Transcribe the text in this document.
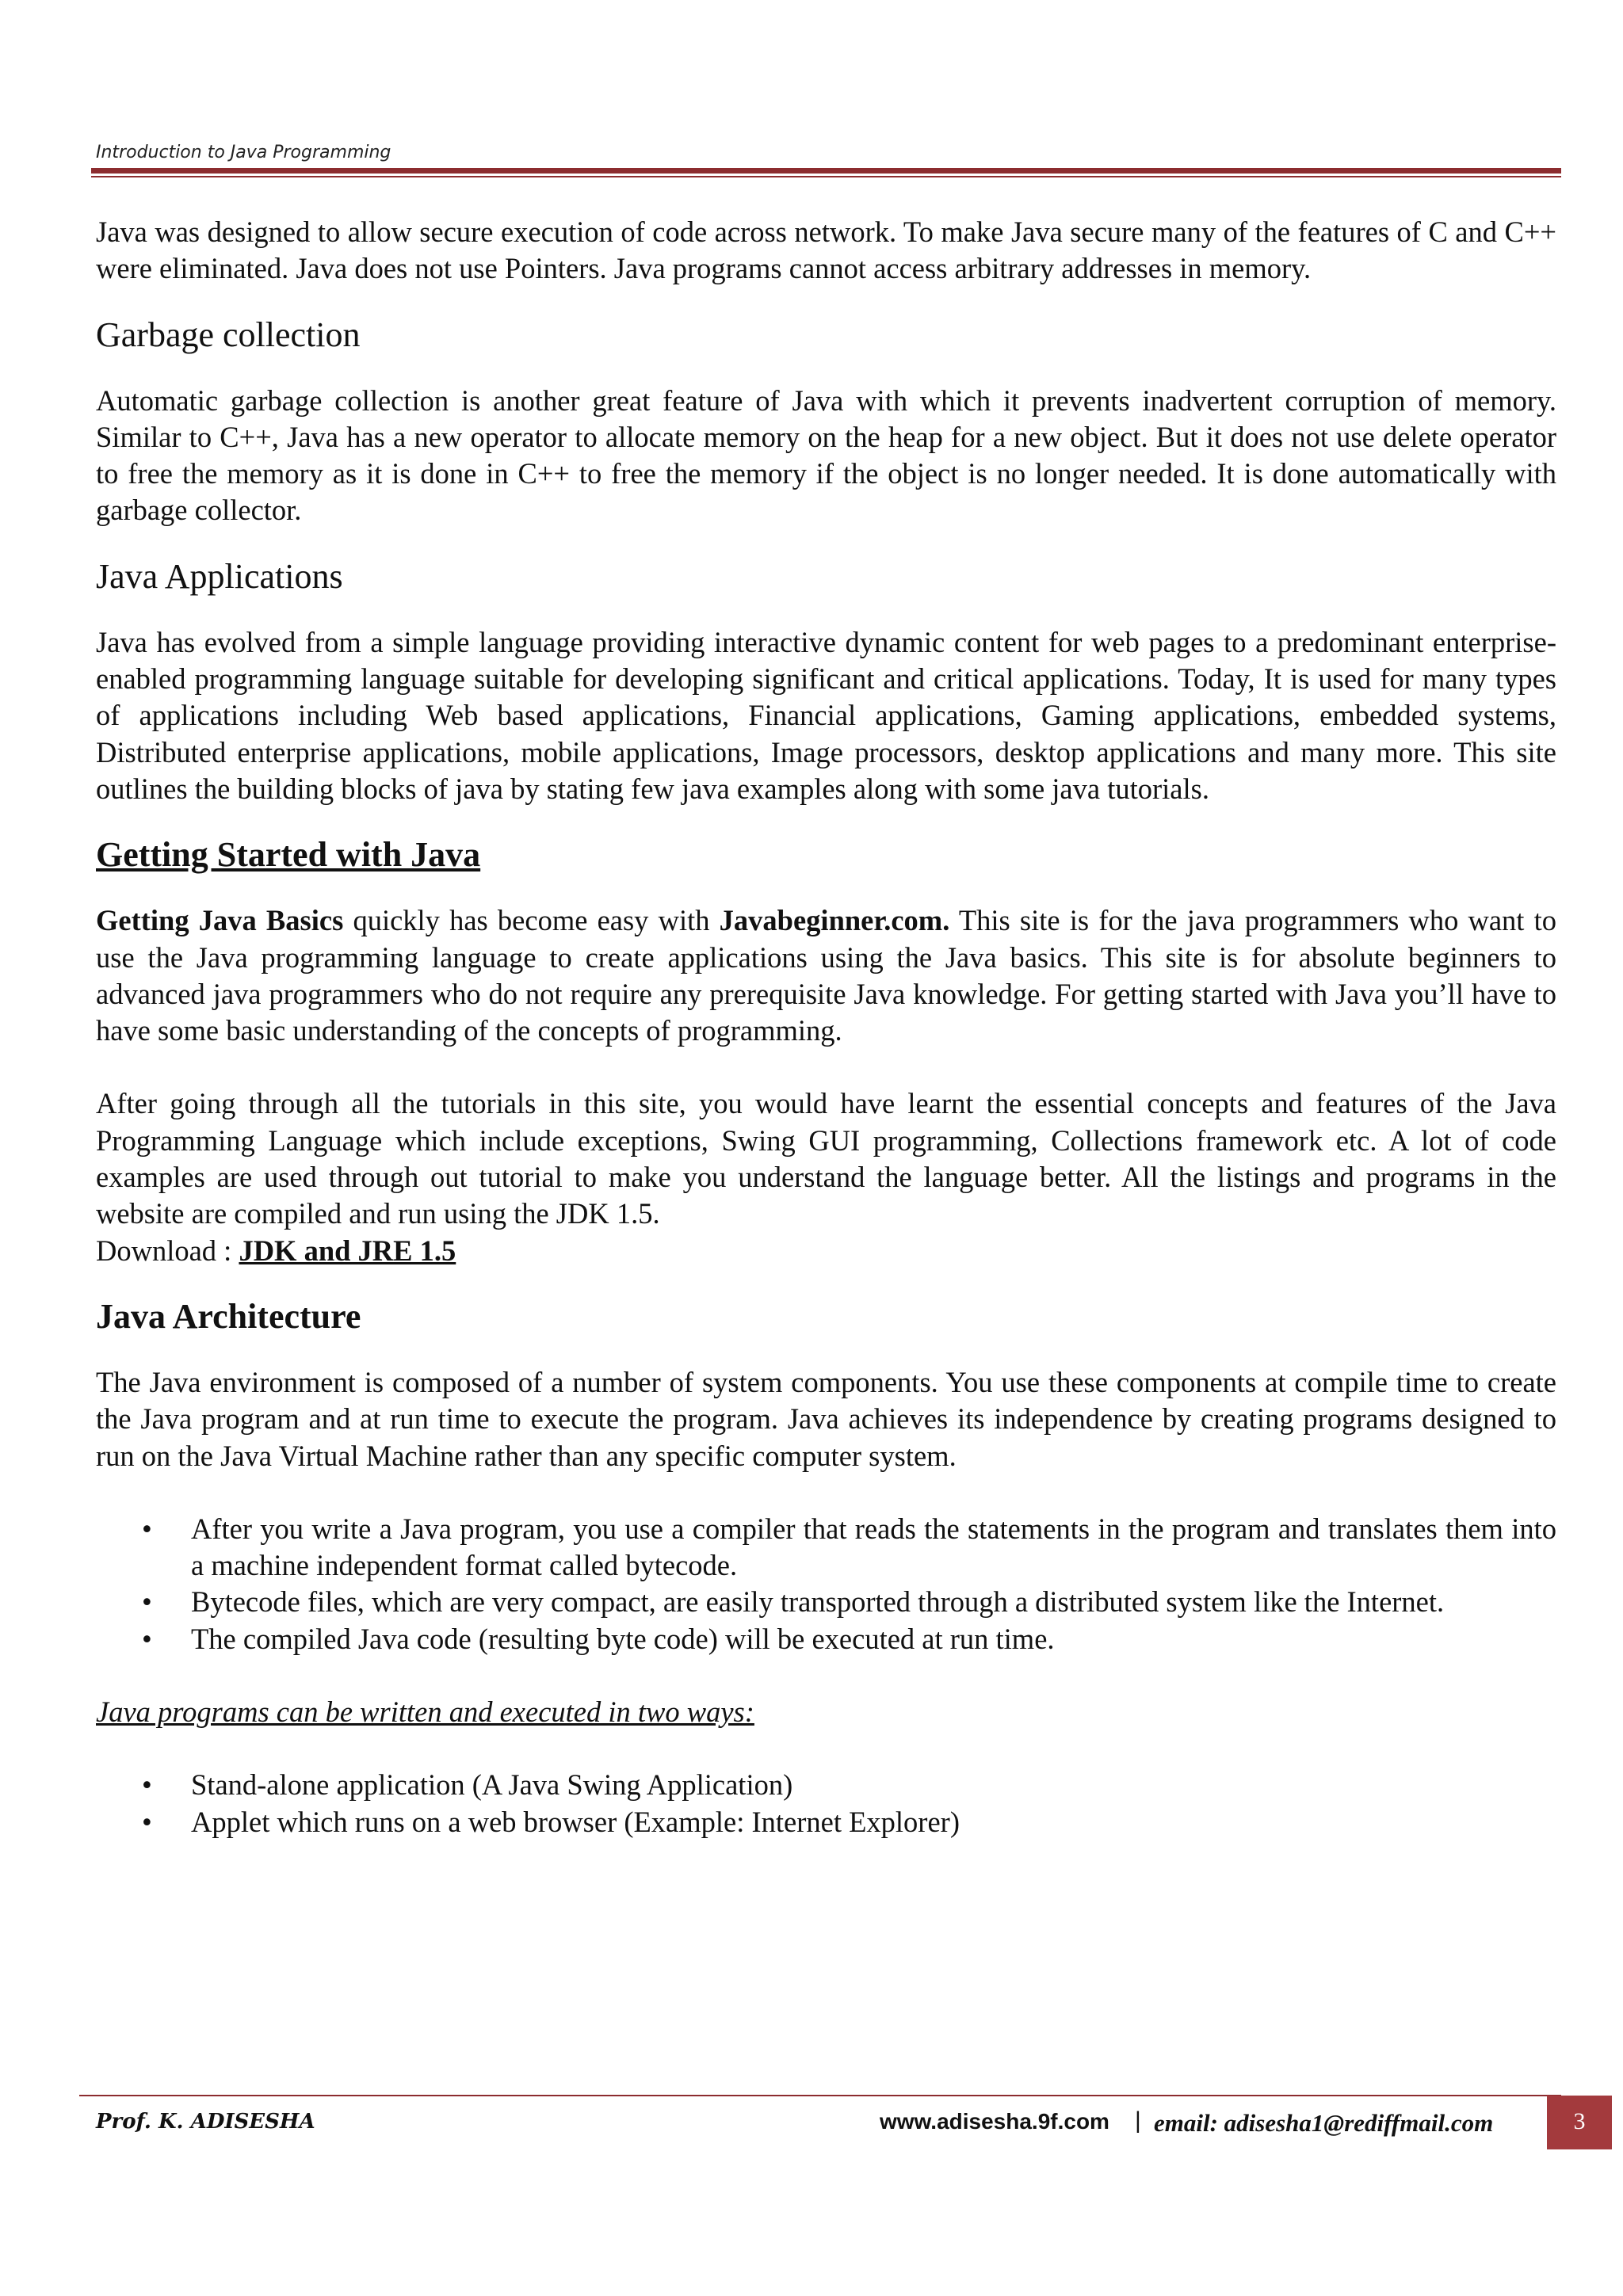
Introduction to Java Programming

Java was designed to allow secure execution of code across network. To make Java secure many of the features of C and C++ were eliminated. Java does not use Pointers. Java programs cannot access arbitrary addresses in memory.

Garbage collection

Automatic garbage collection is another great feature of Java with which it prevents inadvertent corruption of memory. Similar to C++, Java has a new operator to allocate memory on the heap for a new object. But it does not use delete operator to free the memory as it is done in C++ to free the memory if the object is no longer needed. It is done automatically with garbage collector.

Java Applications

Java has evolved from a simple language providing interactive dynamic content for web pages to a predominant enterprise-enabled programming language suitable for developing significant and critical applications. Today, It is used for many types of applications including Web based applications, Financial applications, Gaming applications, embedded systems, Distributed enterprise applications, mobile applications, Image processors, desktop applications and many more. This site outlines the building blocks of java by stating few java examples along with some java tutorials.

Getting Started with Java

Getting Java Basics quickly has become easy with Javabeginner.com. This site is for the java programmers who want to use the Java programming language to create applications using the Java basics. This site is for absolute beginners to advanced java programmers who do not require any prerequisite Java knowledge. For getting started with Java you’ll have to have some basic understanding of the concepts of programming.

After going through all the tutorials in this site, you would have learnt the essential concepts and features of the Java Programming Language which include exceptions, Swing GUI programming, Collections framework etc. A lot of code examples are used through out tutorial to make you understand the language better. All the listings and programs in the website are compiled and run using the JDK 1.5.
Download : JDK and JRE 1.5

Java Architecture

The Java environment is composed of a number of system components. You use these components at compile time to create the Java program and at run time to execute the program. Java achieves its independence by creating programs designed to run on the Java Virtual Machine rather than any specific computer system.

• After you write a Java program, you use a compiler that reads the statements in the program and translates them into a machine independent format called bytecode.
• Bytecode files, which are very compact, are easily transported through a distributed system like the Internet.
• The compiled Java code (resulting byte code) will be executed at run time.

Java programs can be written and executed in two ways:

• Stand-alone application (A Java Swing Application)
• Applet which runs on a web browser (Example: Internet Explorer)
Prof. K. ADISESHA	www.adisesha.9f.com | email: adisesha1@rediffmail.com	3
